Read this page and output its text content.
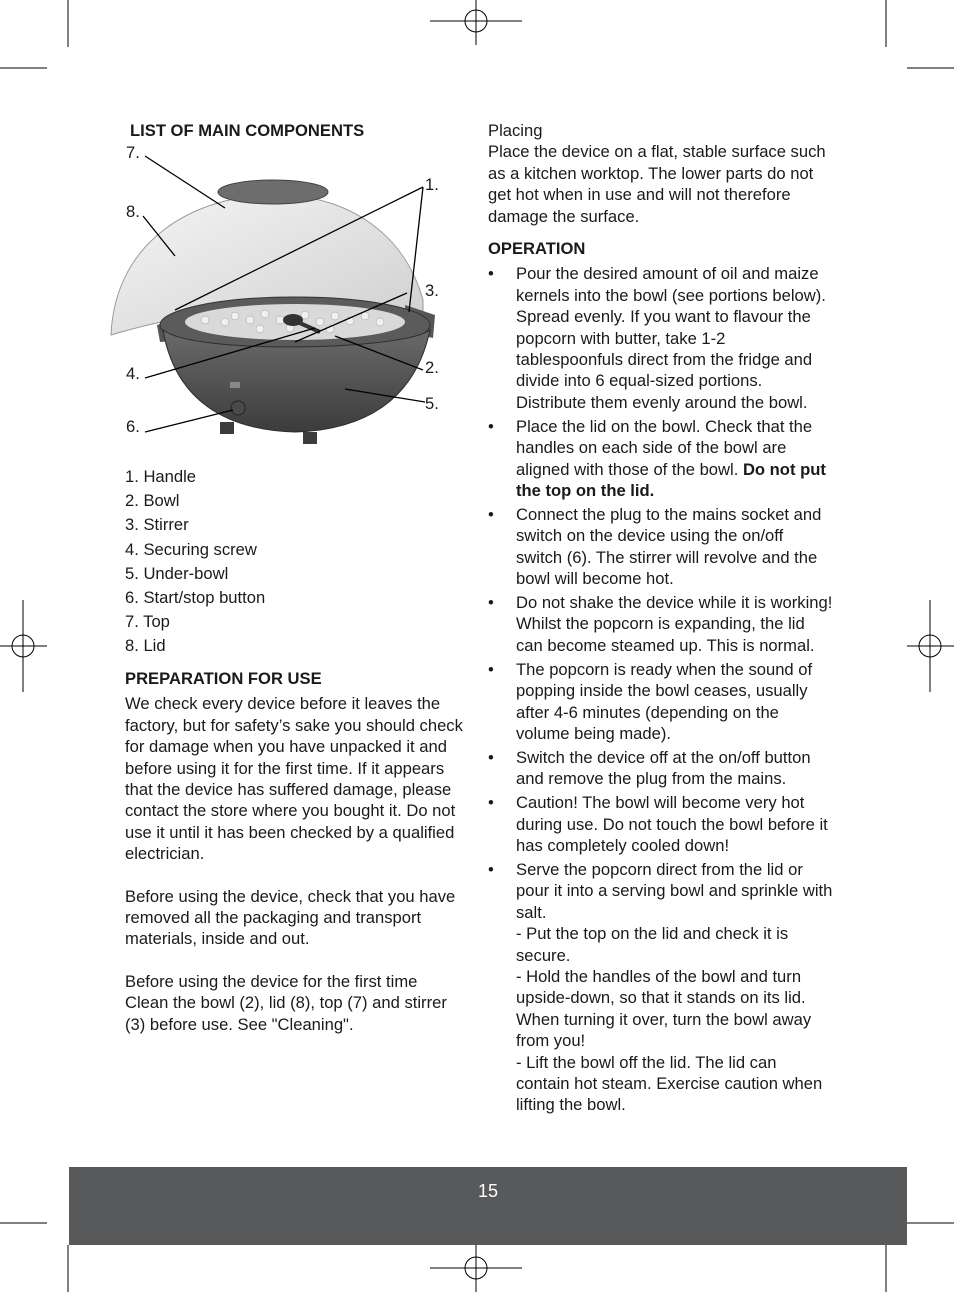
LIST OF MAIN COMPONENTS
7.
8.
1.
3.
4.	2.
5.
6.
1. Handle
2. Bowl
3. Stirrer
4. Securing screw
5. Under-bowl
6. Start/stop button
7. Top
8. Lid
PREPARATION FOR USE

We check every device before it leaves the factory, but for safety’s sake you should check for damage when you have unpacked it and before using it for the first time. If it appears that the device has suffered damage, please contact the store where you bought it. Do not use it until it has been checked by a qualified electrician.

Before using the device, check that you have removed all the packaging and transport materials, inside and out.

Before using the device for the first time

Clean the bowl (2), lid (8), top (7) and stirrer (3) before use. See "Cleaning".

Placing

Place the device on a flat, stable surface such as a kitchen worktop. The lower parts do not get hot when in use and will not therefore damage the surface.

OPERATION
• Pour the desired amount of oil and maize kernels into the bowl (see portions below). Spread evenly. If you want to flavour the popcorn with butter, take 1-2 tablespoonfuls direct from the fridge and divide into 6 equal-sized portions. Distribute them evenly around the bowl.
• Place the lid on the bowl. Check that the handles on each side of the bowl are aligned with those of the bowl. Do not put the top on the lid.
• Connect the plug to the mains socket and switch on the device using the on/off switch (6). The stirrer will revolve and the bowl will become hot.
• Do not shake the device while it is working! Whilst the popcorn is expanding, the lid can become steamed up. This is normal.
• The popcorn is ready when the sound of popping inside the bowl ceases, usually after 4-6 minutes (depending on the volume being made).
• Switch the device off at the on/off button and remove the plug from the mains.
• Caution! The bowl will become very hot during use. Do not touch the bowl before it has completely cooled down!
• Serve the popcorn direct from the lid or pour it into a serving bowl and sprinkle with salt.
- Put the top on the lid and check it is secure.
- Hold the handles of the bowl and turn upside-down, so that it stands on its lid. When turning it over, turn the bowl away from you!
- Lift the bowl off the lid. The lid can contain hot steam. Exercise caution when lifting the bowl.
15
